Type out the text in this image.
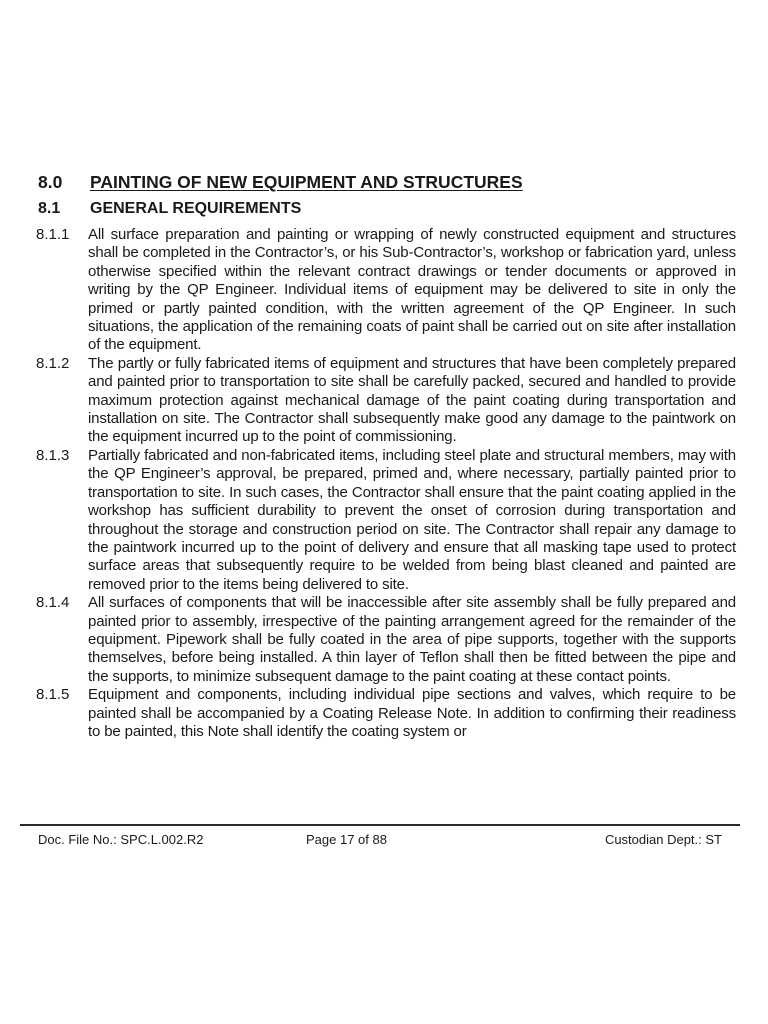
8.0 PAINTING OF NEW EQUIPMENT AND STRUCTURES
8.1 GENERAL REQUIREMENTS
8.1.1 All surface preparation and painting or wrapping of newly constructed equipment and structures shall be completed in the Contractor’s, or his Sub-Contractor’s, workshop or fabrication yard, unless otherwise specified within the relevant contract drawings or tender documents or approved in writing by the QP Engineer. Individual items of equipment may be delivered to site in only the primed or partly painted condition, with the written agreement of the QP Engineer. In such situations, the application of the remaining coats of paint shall be carried out on site after installation of the equipment.
8.1.2 The partly or fully fabricated items of equipment and structures that have been completely prepared and painted prior to transportation to site shall be carefully packed, secured and handled to provide maximum protection against mechanical damage of the paint coating during transportation and installation on site. The Contractor shall subsequently make good any damage to the paintwork on the equipment incurred up to the point of commissioning.
8.1.3 Partially fabricated and non-fabricated items, including steel plate and structural members, may with the QP Engineer’s approval, be prepared, primed and, where necessary, partially painted prior to transportation to site. In such cases, the Contractor shall ensure that the paint coating applied in the workshop has sufficient durability to prevent the onset of corrosion during transportation and throughout the storage and construction period on site. The Contractor shall repair any damage to the paintwork incurred up to the point of delivery and ensure that all masking tape used to protect surface areas that subsequently require to be welded from being blast cleaned and painted are removed prior to the items being delivered to site.
8.1.4 All surfaces of components that will be inaccessible after site assembly shall be fully prepared and painted prior to assembly, irrespective of the painting arrangement agreed for the remainder of the equipment. Pipework shall be fully coated in the area of pipe supports, together with the supports themselves, before being installed. A thin layer of Teflon shall then be fitted between the pipe and the supports, to minimize subsequent damage to the paint coating at these contact points.
8.1.5 Equipment and components, including individual pipe sections and valves, which require to be painted shall be accompanied by a Coating Release Note. In addition to confirming their readiness to be painted, this Note shall identify the coating system or
Doc. File No.: SPC.L.002.R2	Page 17 of 88	Custodian Dept.: ST
